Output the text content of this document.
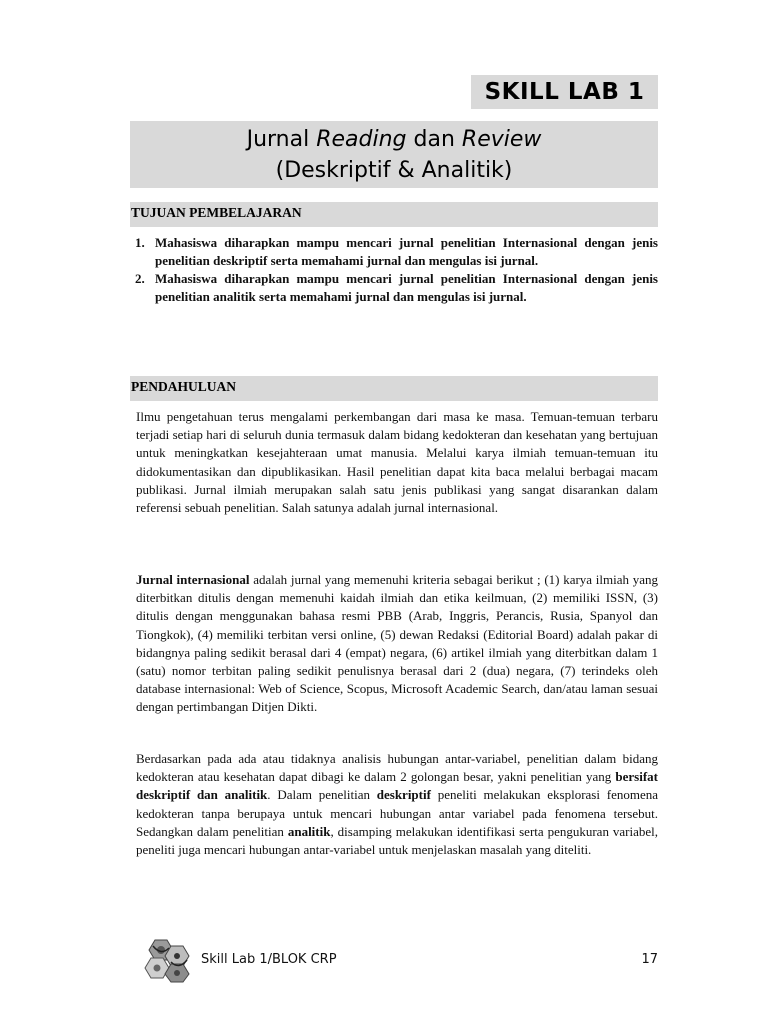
SKILL LAB 1
Jurnal Reading dan Review
(Deskriptif & Analitik)
TUJUAN PEMBELAJARAN
1. Mahasiswa diharapkan mampu mencari jurnal penelitian Internasional dengan jenis penelitian deskriptif serta memahami jurnal dan mengulas isi jurnal.
2. Mahasiswa diharapkan mampu mencari jurnal penelitian Internasional dengan jenis penelitian analitik serta memahami jurnal dan mengulas isi jurnal.
PENDAHULUAN
Ilmu pengetahuan terus mengalami perkembangan dari masa ke masa. Temuan-temuan terbaru terjadi setiap hari di seluruh dunia termasuk dalam bidang kedokteran dan kesehatan yang bertujuan untuk meningkatkan kesejahteraan umat manusia. Melalui karya ilmiah temuan-temuan itu didokumentasikan dan dipublikasikan. Hasil penelitian dapat kita baca melalui berbagai macam publikasi. Jurnal ilmiah merupakan salah satu jenis publikasi yang sangat disarankan dalam referensi sebuah penelitian. Salah satunya adalah jurnal internasional.
Jurnal internasional adalah jurnal yang memenuhi kriteria sebagai berikut ; (1) karya ilmiah yang diterbitkan ditulis dengan memenuhi kaidah ilmiah dan etika keilmuan, (2) memiliki ISSN, (3) ditulis dengan menggunakan bahasa resmi PBB (Arab, Inggris, Perancis, Rusia, Spanyol dan Tiongkok), (4) memiliki terbitan versi online, (5) dewan Redaksi (Editorial Board) adalah pakar di bidangnya paling sedikit berasal dari 4 (empat) negara, (6) artikel ilmiah yang diterbitkan dalam 1 (satu) nomor terbitan paling sedikit penulisnya berasal dari 2 (dua) negara, (7) terindeks oleh database internasional: Web of Science, Scopus, Microsoft Academic Search, dan/atau laman sesuai dengan pertimbangan Ditjen Dikti.
Berdasarkan pada ada atau tidaknya analisis hubungan antar-variabel, penelitian dalam bidang kedokteran atau kesehatan dapat dibagi ke dalam 2 golongan besar, yakni penelitian yang bersifat deskriptif dan analitik. Dalam penelitian deskriptif peneliti melakukan eksplorasi fenomena kedokteran tanpa berupaya untuk mencari hubungan antar variabel pada fenomena tersebut. Sedangkan dalam penelitian analitik, disamping melakukan identifikasi serta pengukuran variabel, peneliti juga mencari hubungan antar-variabel untuk menjelaskan masalah yang diteliti.
Skill Lab 1/BLOK CRP	17
